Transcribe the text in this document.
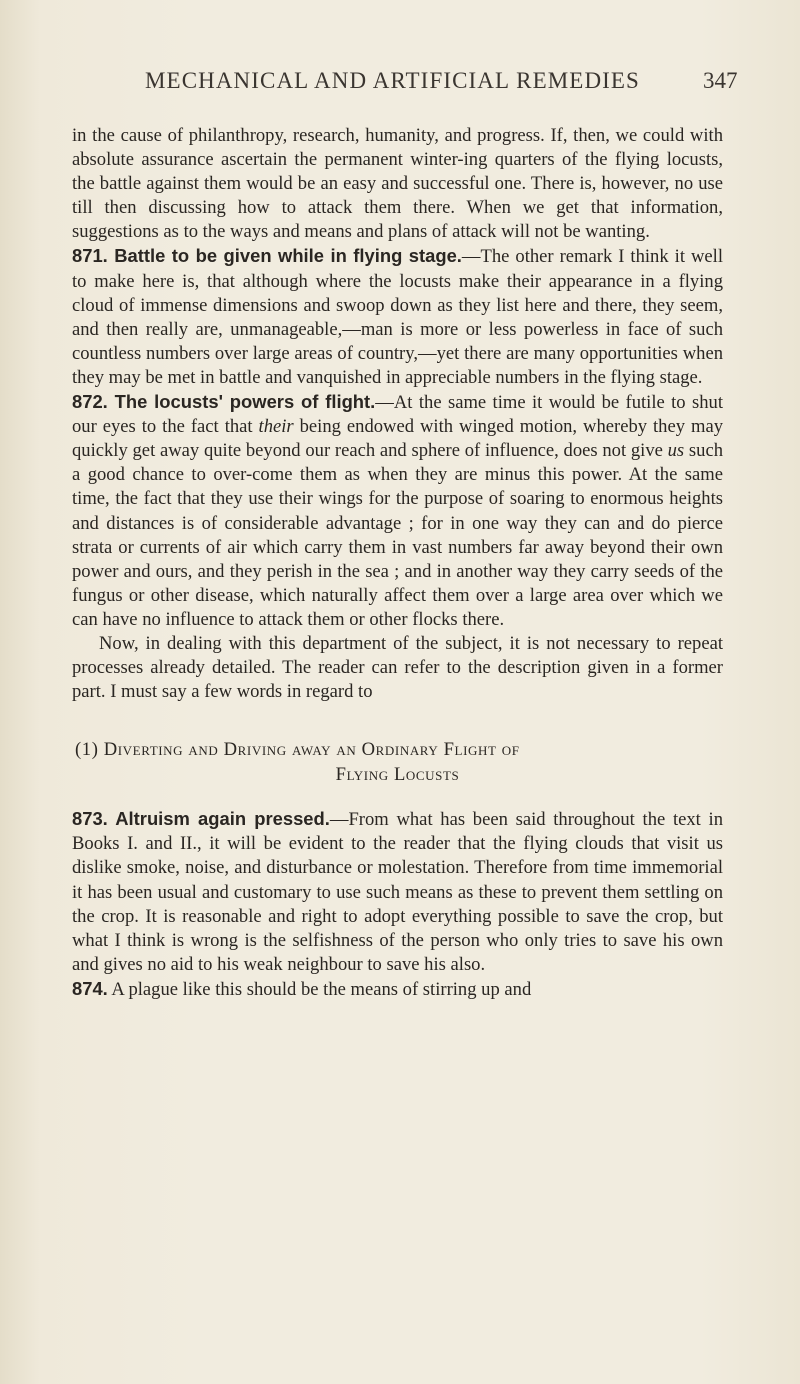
MECHANICAL AND ARTIFICIAL REMEDIES	347

in the cause of philanthropy, research, humanity, and progress. If, then, we could with absolute assurance ascertain the permanent winter-ing quarters of the flying locusts, the battle against them would be an easy and successful one. There is, however, no use till then discussing how to attack them there. When we get that information, suggestions as to the ways and means and plans of attack will not be wanting.

871. Battle to be given while in flying stage.—The other remark I think it well to make here is, that although where the locusts make their appearance in a flying cloud of immense dimensions and swoop down as they list here and there, they seem, and then really are, unmanageable,—man is more or less powerless in face of such countless numbers over large areas of country,—yet there are many opportunities when they may be met in battle and vanquished in appreciable numbers in the flying stage.

872. The locusts' powers of flight.—At the same time it would be futile to shut our eyes to the fact that their being endowed with winged motion, whereby they may quickly get away quite beyond our reach and sphere of influence, does not give us such a good chance to over-come them as when they are minus this power. At the same time, the fact that they use their wings for the purpose of soaring to enormous heights and distances is of considerable advantage ; for in one way they can and do pierce strata or currents of air which carry them in vast numbers far away beyond their own power and ours, and they perish in the sea ; and in another way they carry seeds of the fungus or other disease, which naturally affect them over a large area over which we can have no influence to attack them or other flocks there.

Now, in dealing with this department of the subject, it is not necessary to repeat processes already detailed. The reader can refer to the description given in a former part. I must say a few words in regard to

(1) Diverting and Driving away an Ordinary Flight of
Flying Locusts

873. Altruism again pressed.—From what has been said throughout the text in Books I. and II., it will be evident to the reader that the flying clouds that visit us dislike smoke, noise, and disturbance or molestation. Therefore from time immemorial it has been usual and customary to use such means as these to prevent them settling on the crop. It is reasonable and right to adopt everything possible to save the crop, but what I think is wrong is the selfishness of the person who only tries to save his own and gives no aid to his weak neighbour to save his also.

874. A plague like this should be the means of stirring up and
